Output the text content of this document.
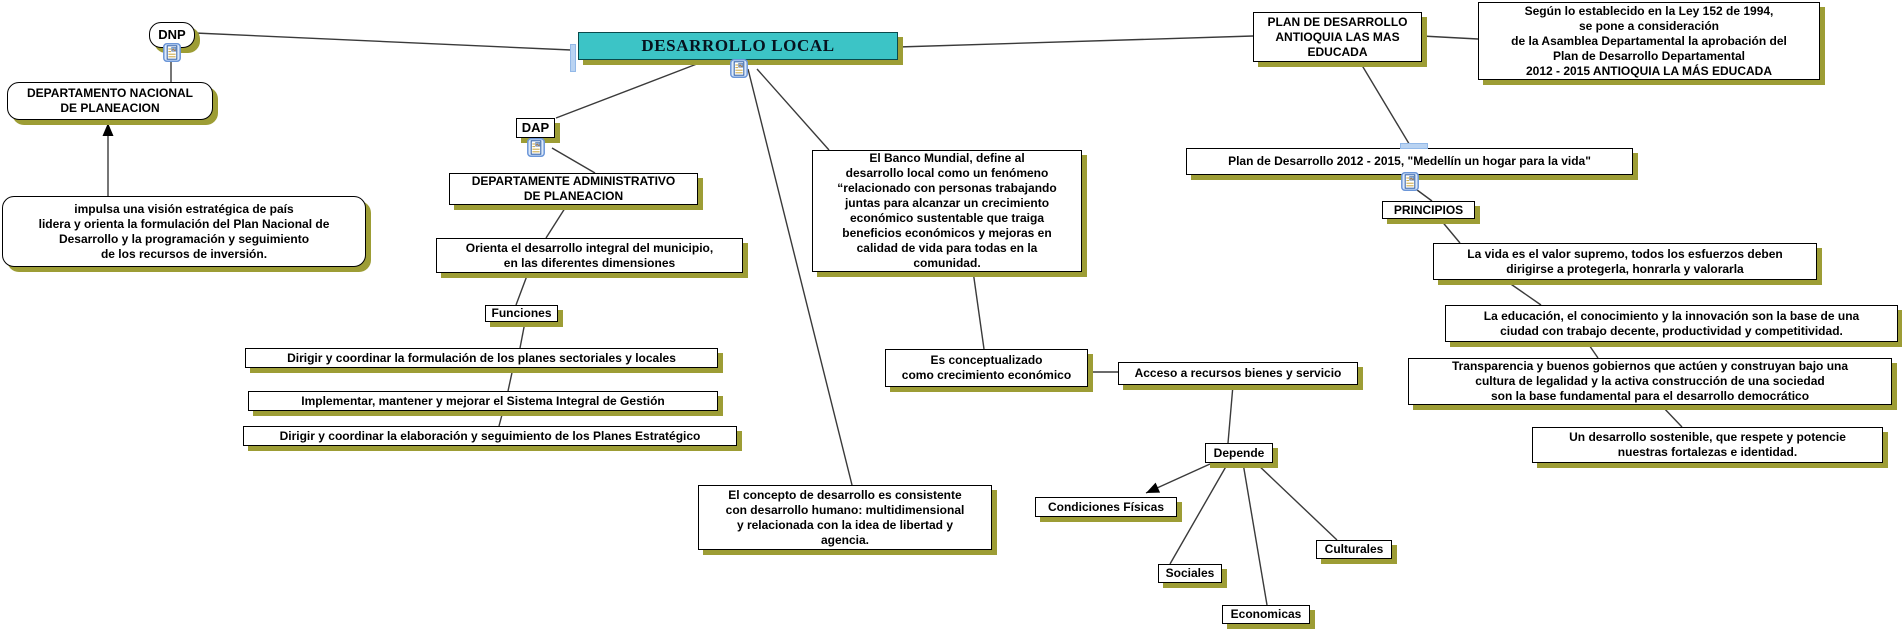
DNP
DEPARTAMENTO NACIONAL
DE PLANEACION
impulsa una visión estratégica de país
lidera y orienta la formulación del Plan Nacional de
Desarrollo y la programación y seguimiento
de los recursos de inversión.
DESARROLLO LOCAL
DAP
DEPARTAMENTE ADMINISTRATIVO
DE PLANEACION
Orienta el desarrollo integral del municipio,
en las diferentes dimensiones
Funciones
Dirigir y coordinar la formulación de los planes sectoriales y locales
Implementar, mantener y mejorar el Sistema Integral de Gestión
Dirigir y coordinar la elaboración y seguimiento de los Planes Estratégico
El Banco Mundial, define al
desarrollo local como un fenómeno
“relacionado con personas trabajando
juntas para alcanzar un crecimiento
económico sustentable que traiga
beneficios económicos y mejoras en
calidad de vida para todas en la
comunidad.
Es conceptualizado
como crecimiento económico	Acceso a recursos bienes y servicio
El concepto de desarrollo es consistente
con desarrollo humano: multidimensional
y relacionada con la idea de libertad y
agencia.
Depende
Condiciones Físicas
Sociales
Economicas
Culturales
PLAN DE DESARROLLO
ANTIOQUIA LAS MAS
EDUCADA
Según lo establecido en la Ley 152 de 1994,
se pone a consideración
de la Asamblea Departamental la aprobación del
Plan de Desarrollo Departamental
2012 - 2015 ANTIOQUIA LA MÁS EDUCADA
Plan de Desarrollo 2012 - 2015, "Medellín un hogar para la vida"
PRINCIPIOS
La vida es el valor supremo, todos los esfuerzos deben
dirigirse a protegerla, honrarla y valorarla
La educación, el conocimiento y la innovación son la base de una
ciudad con trabajo decente, productividad y competitividad.
Transparencia y buenos gobiernos que actúen y construyan bajo una
cultura de legalidad y la activa construcción de una sociedad
son la base fundamental para el desarrollo democrático
Un desarrollo sostenible, que respete y potencie
nuestras fortalezas e identidad.
